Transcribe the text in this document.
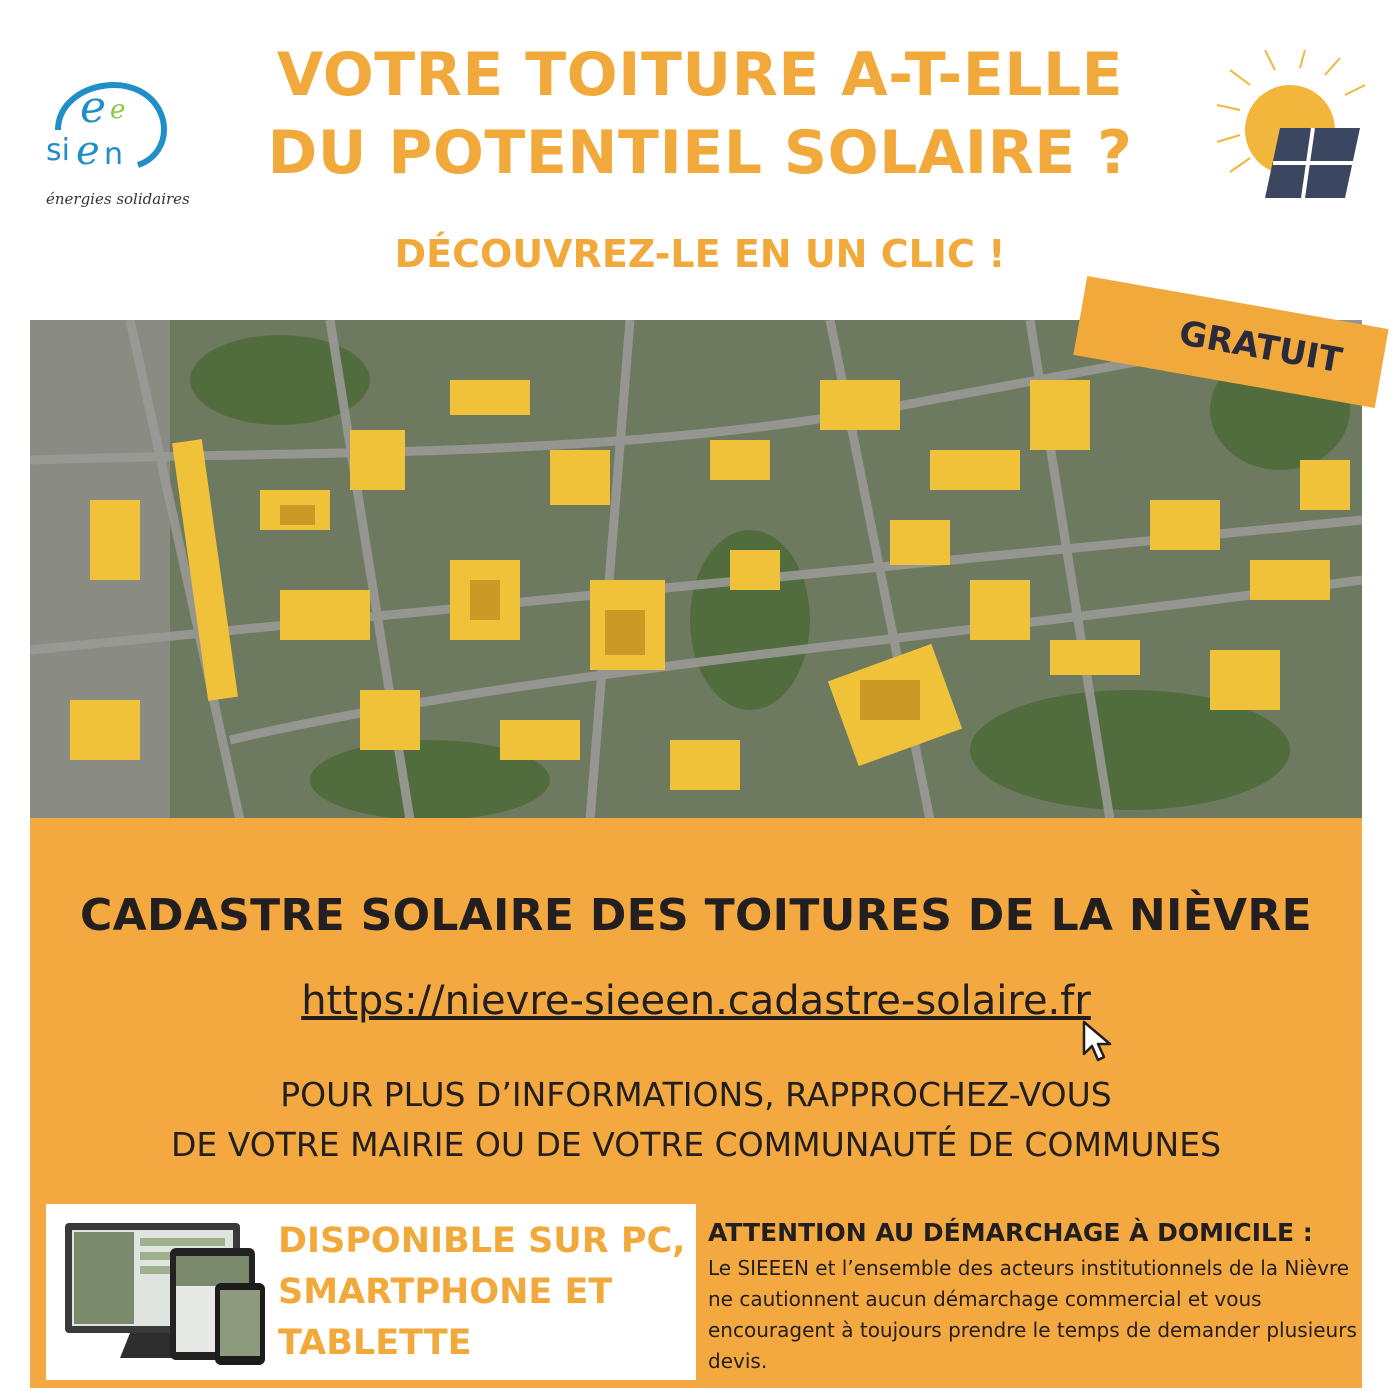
e e
si e n
énergies solidaires
VOTRE TOITURE A-T-ELLE
DU POTENTIEL SOLAIRE ?
DÉCOUVREZ-LE EN UN CLIC !
GRATUIT
CADASTRE SOLAIRE DES TOITURES DE LA NIÈVRE
https://nievre-sieeen.cadastre-solaire.fr
POUR PLUS D’INFORMATIONS, RAPPROCHEZ-VOUS
DE VOTRE MAIRIE OU DE VOTRE COMMUNAUTÉ DE COMMUNES
DISPONIBLE SUR PC,
SMARTPHONE ET
TABLETTE
ATTENTION AU DÉMARCHAGE À DOMICILE :
Le SIEEEN et l’ensemble des acteurs institutionnels de la Nièvre ne cautionnent aucun démarchage commercial et vous encouragent à toujours prendre le temps de demander plusieurs devis.
